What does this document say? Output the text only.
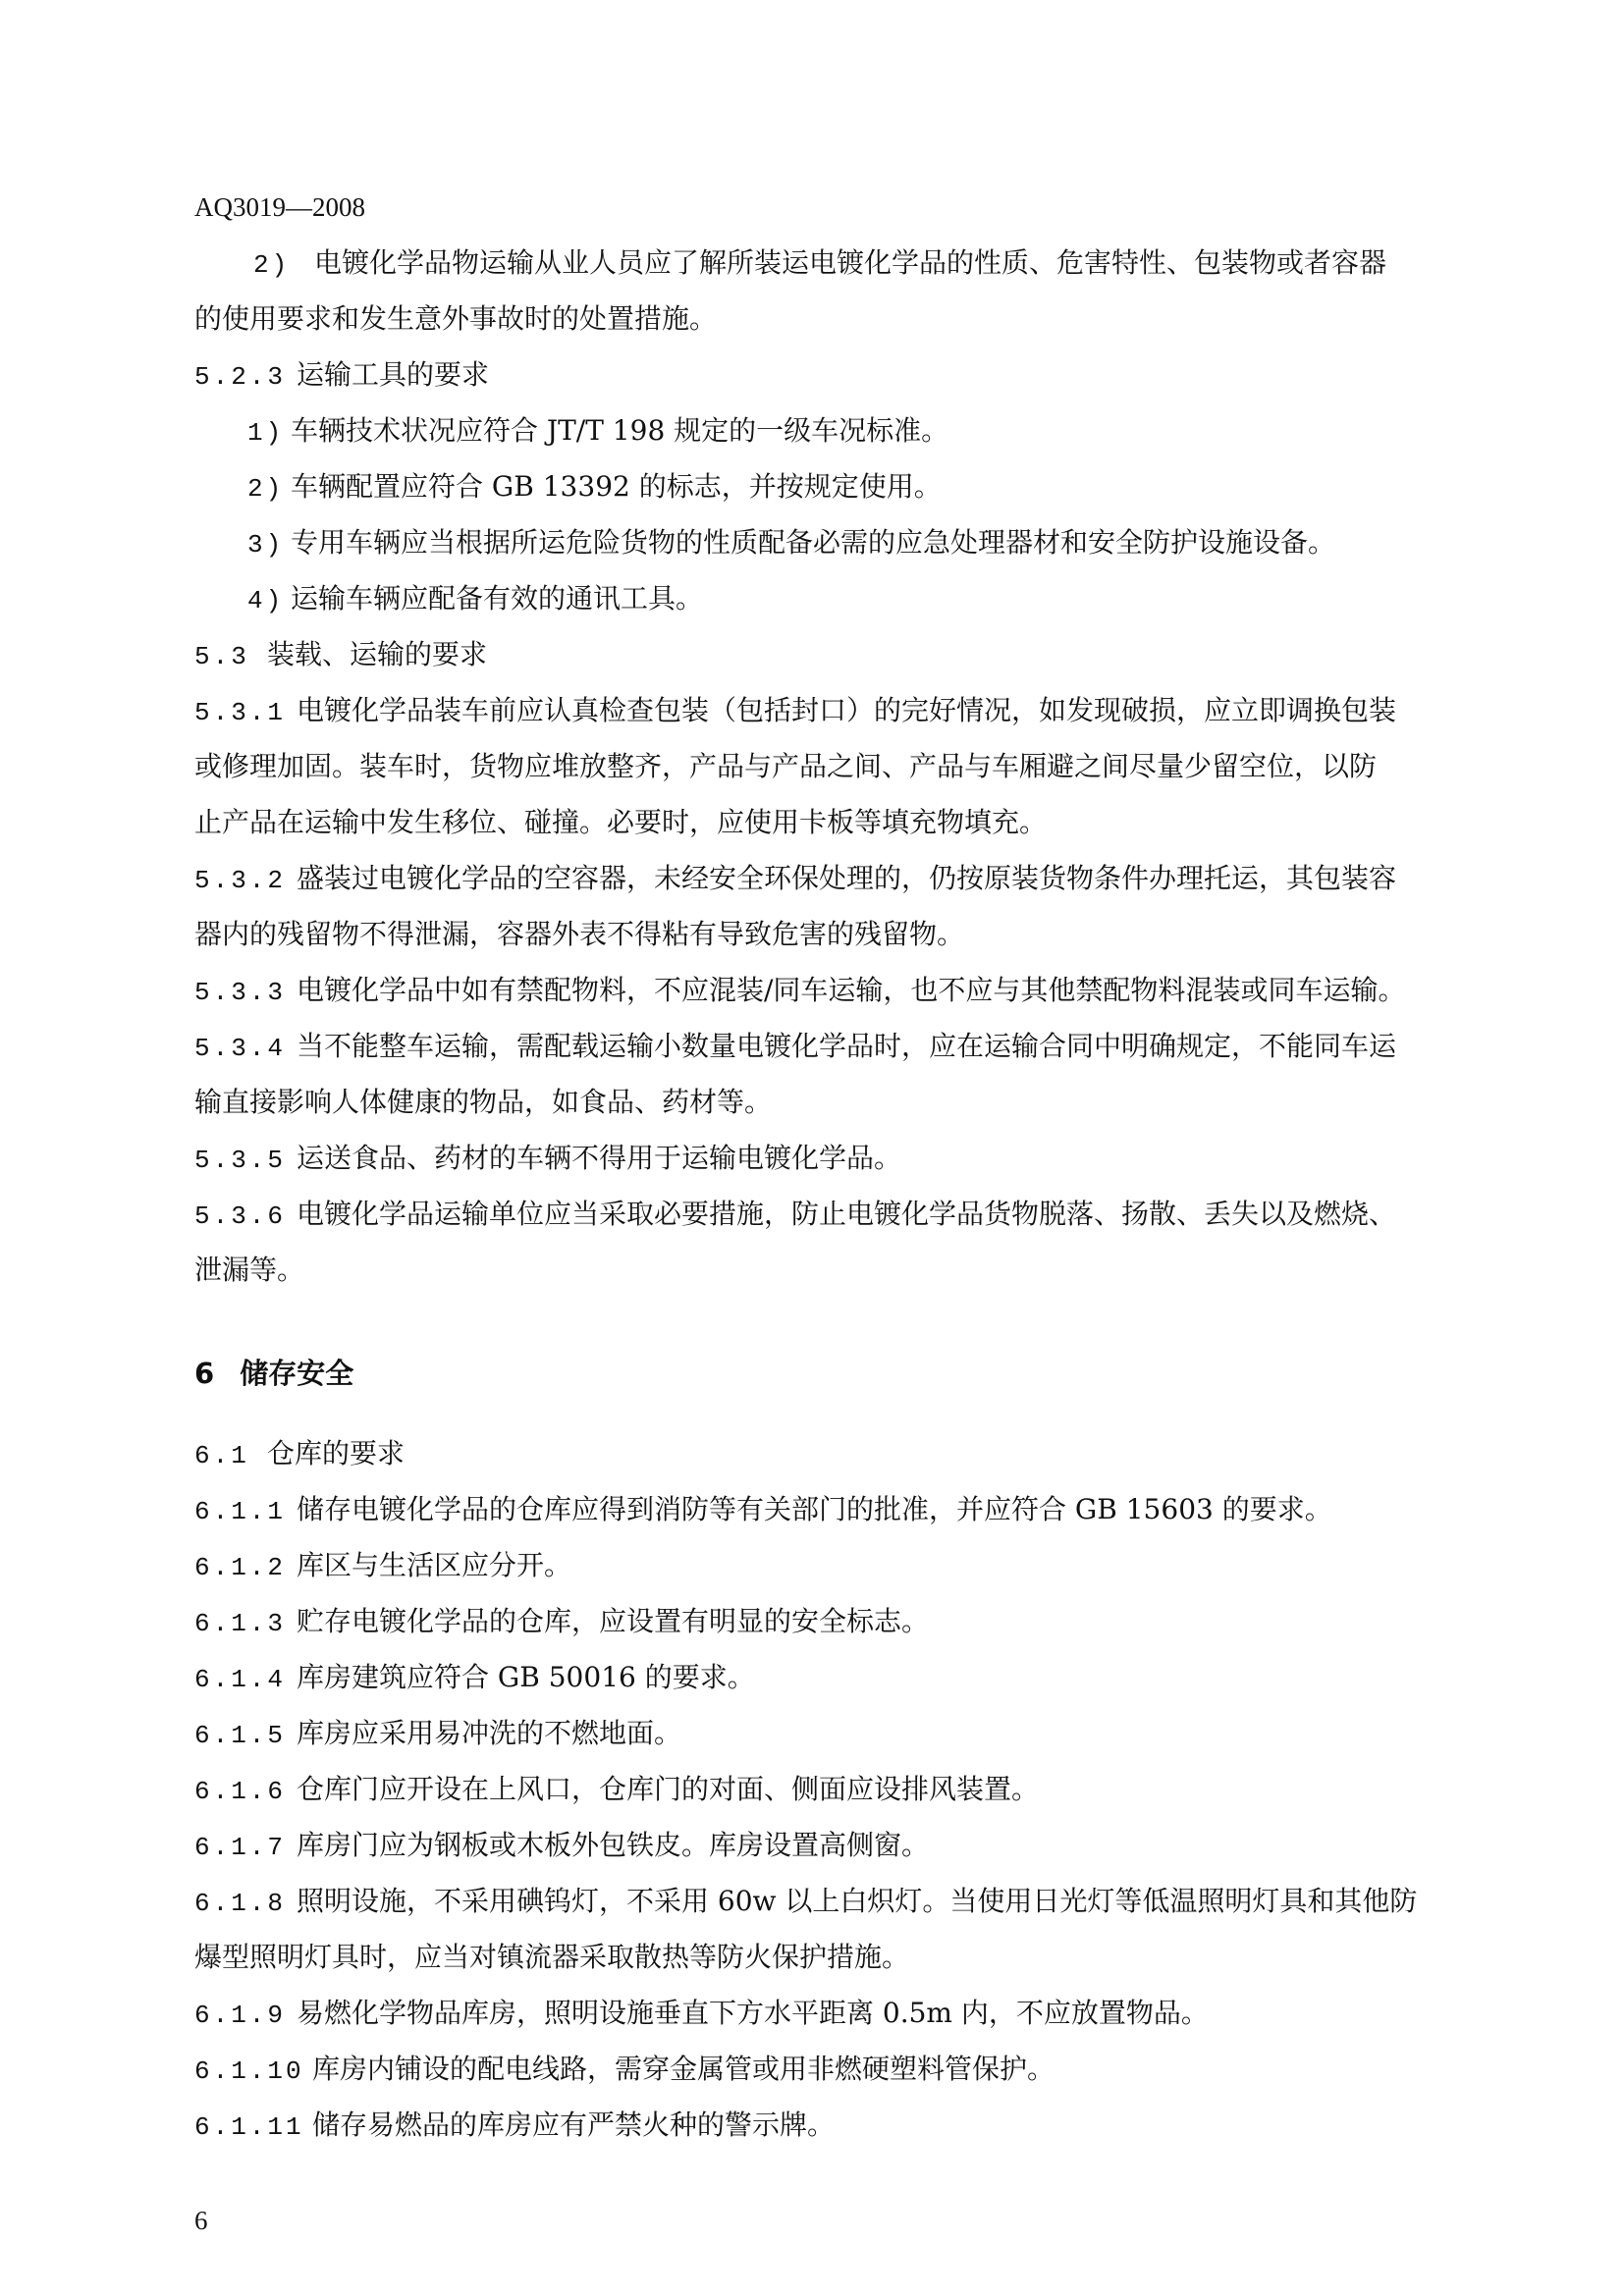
AQ3019—2008
2) 电镀化学品物运输从业人员应了解所装运电镀化学品的性质、危害特性、包装物或者容器
的使用要求和发生意外事故时的处置措施。
5.2.3 运输工具的要求
1) 车辆技术状况应符合 JT/T 198 规定的一级车况标准。
2) 车辆配置应符合 GB 13392 的标志，并按规定使用。
3) 专用车辆应当根据所运危险货物的性质配备必需的应急处理器材和安全防护设施设备。
4) 运输车辆应配备有效的通讯工具。
5.3 装载、运输的要求
5.3.1 电镀化学品装车前应认真检查包装（包括封口）的完好情况，如发现破损，应立即调换包装
或修理加固。装车时，货物应堆放整齐，产品与产品之间、产品与车厢避之间尽量少留空位，以防
止产品在运输中发生移位、碰撞。必要时，应使用卡板等填充物填充。
5.3.2 盛装过电镀化学品的空容器，未经安全环保处理的，仍按原装货物条件办理托运，其包装容
器内的残留物不得泄漏，容器外表不得粘有导致危害的残留物。
5.3.3 电镀化学品中如有禁配物料，不应混装/同车运输，也不应与其他禁配物料混装或同车运输。
5.3.4 当不能整车运输，需配载运输小数量电镀化学品时，应在运输合同中明确规定，不能同车运
输直接影响人体健康的物品，如食品、药材等。
5.3.5 运送食品、药材的车辆不得用于运输电镀化学品。
5.3.6 电镀化学品运输单位应当采取必要措施，防止电镀化学品货物脱落、扬散、丢失以及燃烧、
泄漏等。
6 储存安全
6.1 仓库的要求
6.1.1 储存电镀化学品的仓库应得到消防等有关部门的批准，并应符合 GB 15603 的要求。
6.1.2 库区与生活区应分开。
6.1.3 贮存电镀化学品的仓库，应设置有明显的安全标志。
6.1.4 库房建筑应符合 GB 50016 的要求。
6.1.5 库房应采用易冲洗的不燃地面。
6.1.6 仓库门应开设在上风口，仓库门的对面、侧面应设排风装置。
6.1.7 库房门应为钢板或木板外包铁皮。库房设置高侧窗。
6.1.8 照明设施，不采用碘钨灯，不采用 60w 以上白炽灯。当使用日光灯等低温照明灯具和其他防
爆型照明灯具时，应当对镇流器采取散热等防火保护措施。
6.1.9 易燃化学物品库房，照明设施垂直下方水平距离 0.5m 内，不应放置物品。
6.1.10 库房内铺设的配电线路，需穿金属管或用非燃硬塑料管保护。
6.1.11 储存易燃品的库房应有严禁火种的警示牌。
6
